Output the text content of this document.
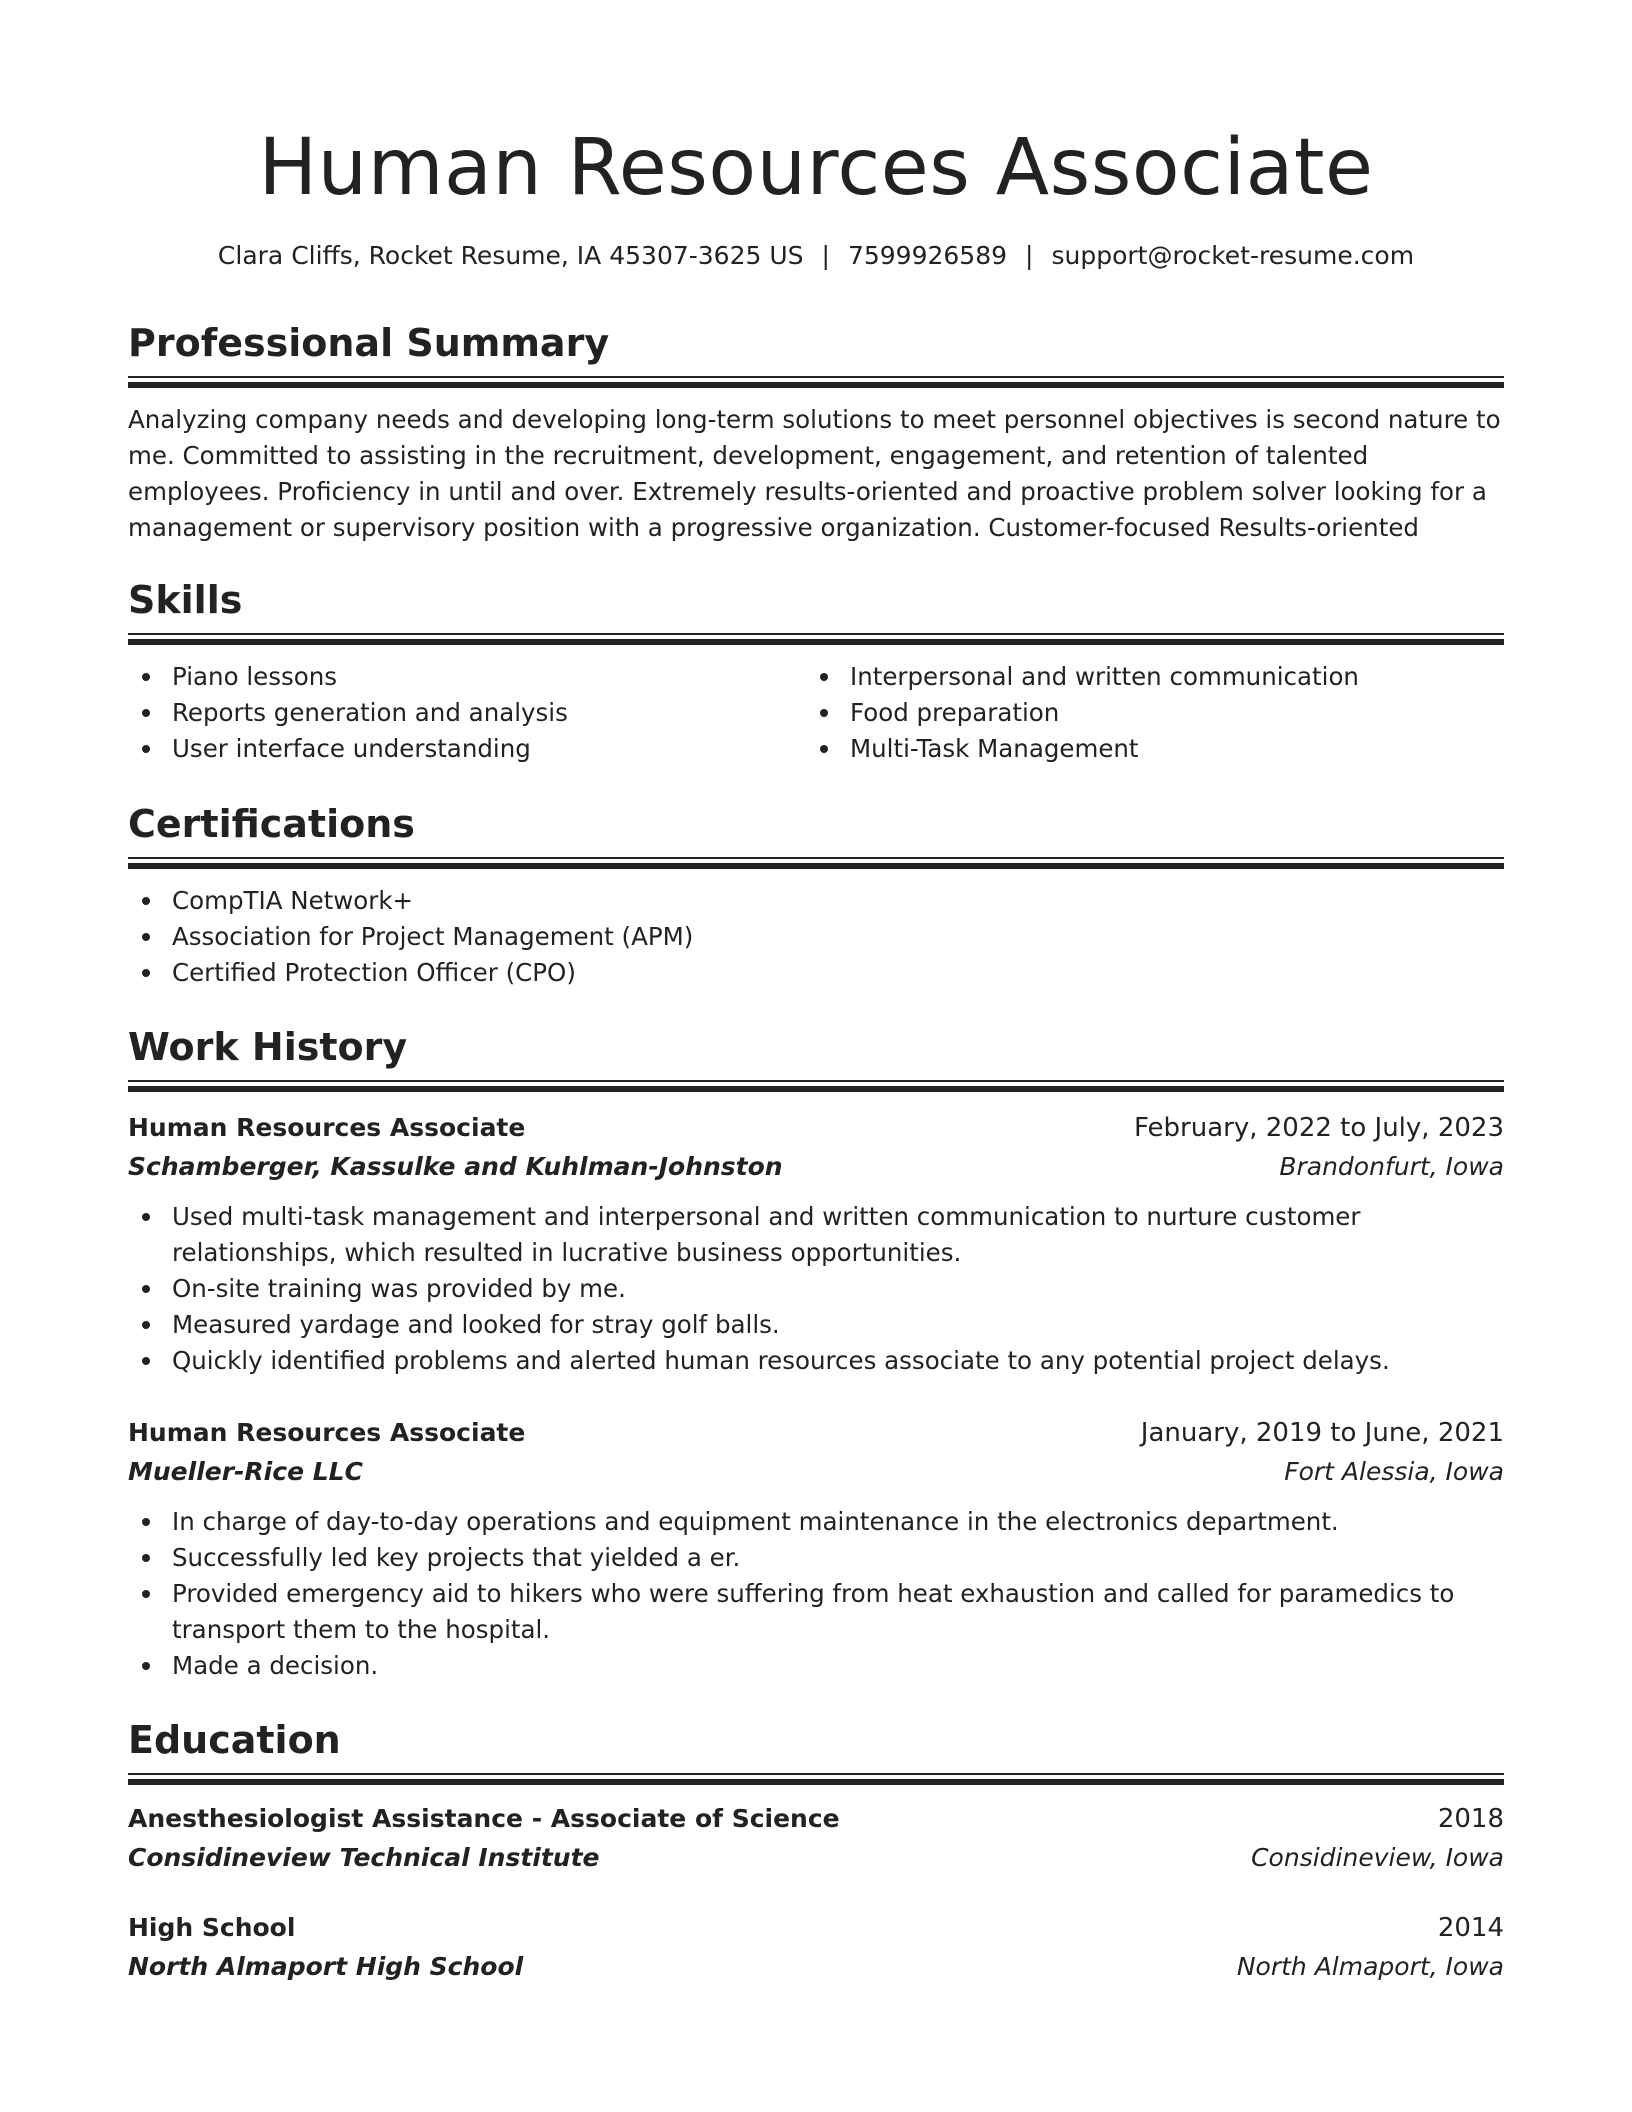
Human Resources Associate
Clara Cliffs, Rocket Resume, IA 45307-3625 US | 7599926589 | support@rocket-resume.com
Professional Summary
Analyzing company needs and developing long-term solutions to meet personnel objectives is second nature to me. Committed to assisting in the recruitment, development, engagement, and retention of talented employees. Proficiency in until and over. Extremely results-oriented and proactive problem solver looking for a management or supervisory position with a progressive organization. Customer-focused Results-oriented
Skills
Piano lessons
Reports generation and analysis
User interface understanding
Interpersonal and written communication
Food preparation
Multi-Task Management
Certifications
CompTIA Network+
Association for Project Management (APM)
Certified Protection Officer (CPO)
Work History
Human Resources Associate	February, 2022 to July, 2023
Schamberger, Kassulke and Kuhlman-Johnston	Brandonfurt, Iowa
Used multi-task management and interpersonal and written communication to nurture customer relationships, which resulted in lucrative business opportunities.
On-site training was provided by me.
Measured yardage and looked for stray golf balls.
Quickly identified problems and alerted human resources associate to any potential project delays.
Human Resources Associate	January, 2019 to June, 2021
Mueller-Rice LLC	Fort Alessia, Iowa
In charge of day-to-day operations and equipment maintenance in the electronics department.
Successfully led key projects that yielded a er.
Provided emergency aid to hikers who were suffering from heat exhaustion and called for paramedics to transport them to the hospital.
Made a decision.
Education
Anesthesiologist Assistance - Associate of Science	2018
Considineview Technical Institute	Considineview, Iowa
High School	2014
North Almaport High School	North Almaport, Iowa
